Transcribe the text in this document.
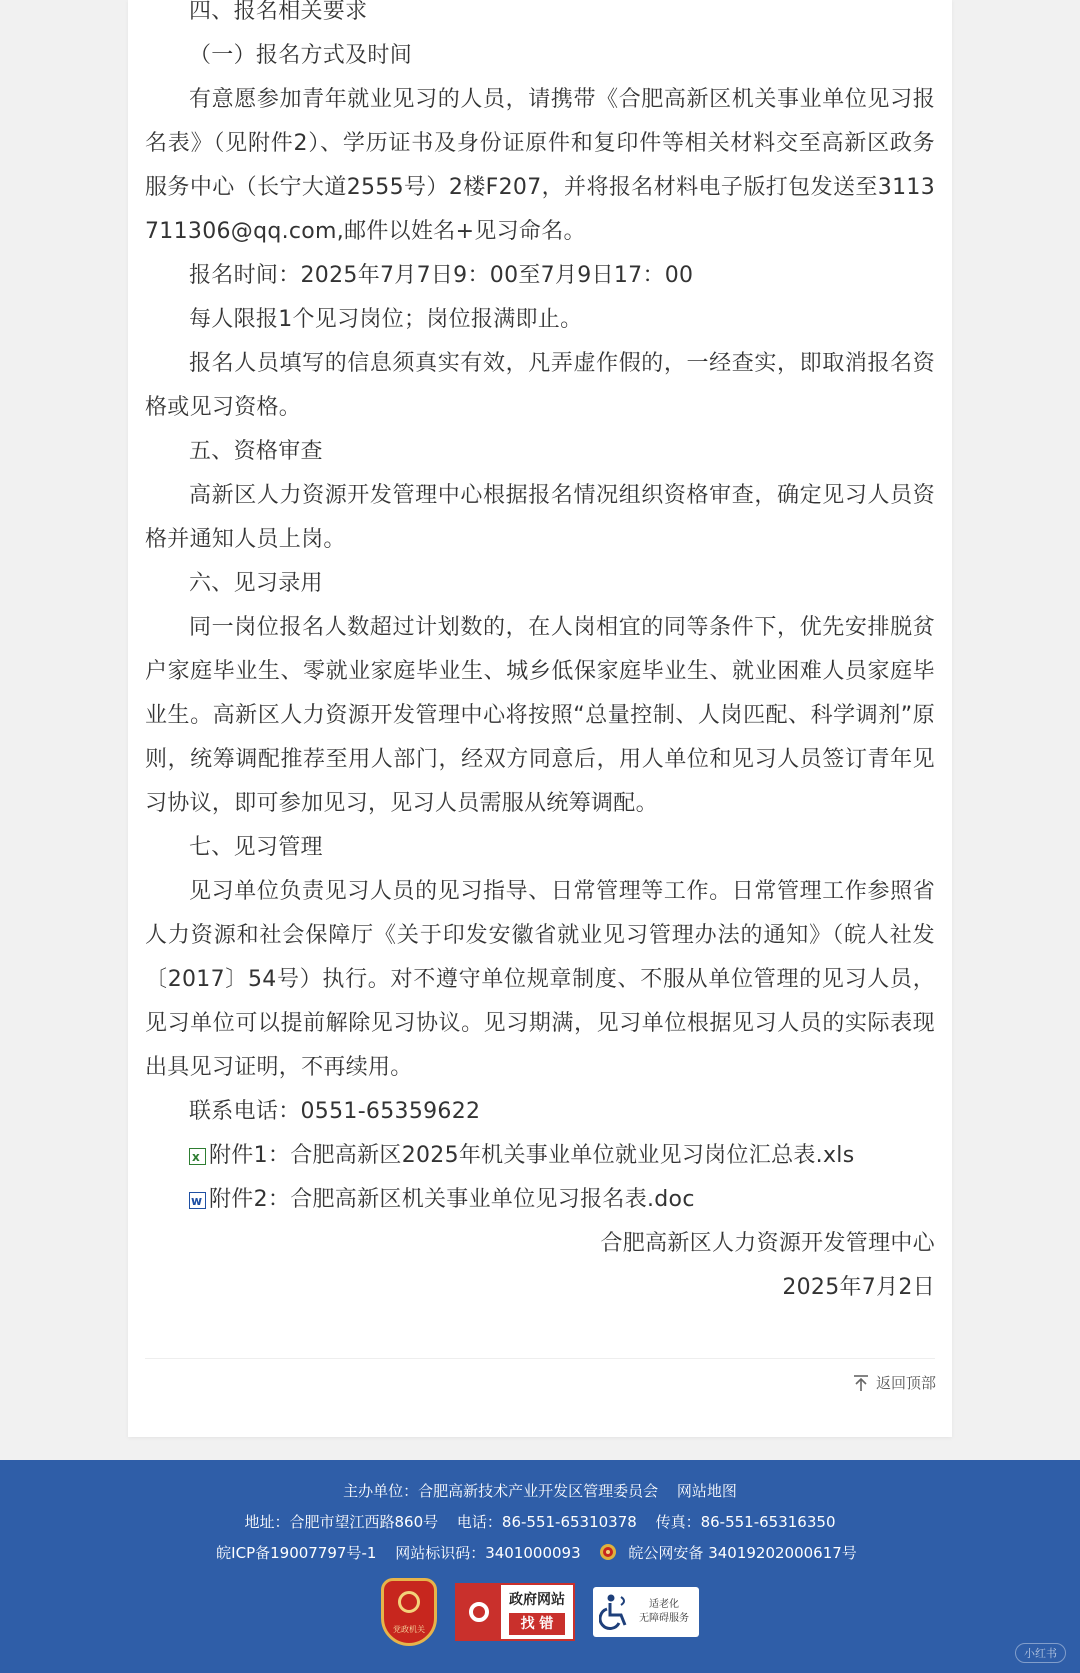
四、报名相关要求

（一）报名方式及时间

有意愿参加青年就业见习的人员，请携带《合肥高新区机关事业单位见习报名表》（见附件2）、学历证书及身份证原件和复印件等相关材料交至高新区政务服务中心（长宁大道2555号）2楼F207，并将报名材料电子版打包发送至3113711306@qq.com,邮件以姓名+见习命名。

报名时间：2025年7月7日9：00至7月9日17：00

每人限报1个见习岗位；岗位报满即止。

报名人员填写的信息须真实有效，凡弄虚作假的，一经查实，即取消报名资格或见习资格。

五、资格审查

高新区人力资源开发管理中心根据报名情况组织资格审查，确定见习人员资格并通知人员上岗。

六、见习录用

同一岗位报名人数超过计划数的，在人岗相宜的同等条件下，优先安排脱贫户家庭毕业生、零就业家庭毕业生、城乡低保家庭毕业生、就业困难人员家庭毕业生。高新区人力资源开发管理中心将按照“总量控制、人岗匹配、科学调剂”原则，统筹调配推荐至用人部门，经双方同意后，用人单位和见习人员签订青年见习协议，即可参加见习，见习人员需服从统筹调配。

七、见习管理

见习单位负责见习人员的见习指导、日常管理等工作。日常管理工作参照省人力资源和社会保障厅《关于印发安徽省就业见习管理办法的通知》（皖人社发〔2017〕54号）执行。对不遵守单位规章制度、不服从单位管理的见习人员，见习单位可以提前解除见习协议。见习期满，见习单位根据见习人员的实际表现出具见习证明，不再续用。

联系电话：0551-65359622

x
附件1：合肥高新区2025年机关事业单位就业见习岗位汇总表.xls

w
附件2：合肥高新区机关事业单位见习报名表.doc

合肥高新区人力资源开发管理中心

2025年7月2日

返回顶部
主办单位：合肥高新技术产业开发区管理委员会 网站地图
地址：合肥市望江西路860号 电话：86-551-65310378 传真：86-551-65316350
皖ICP备19007797号-1 网站标识码：3401000093	皖公网安备 34019202000617号
党政机关
政府网站
找 错
适老化
无障碍服务
小红书
